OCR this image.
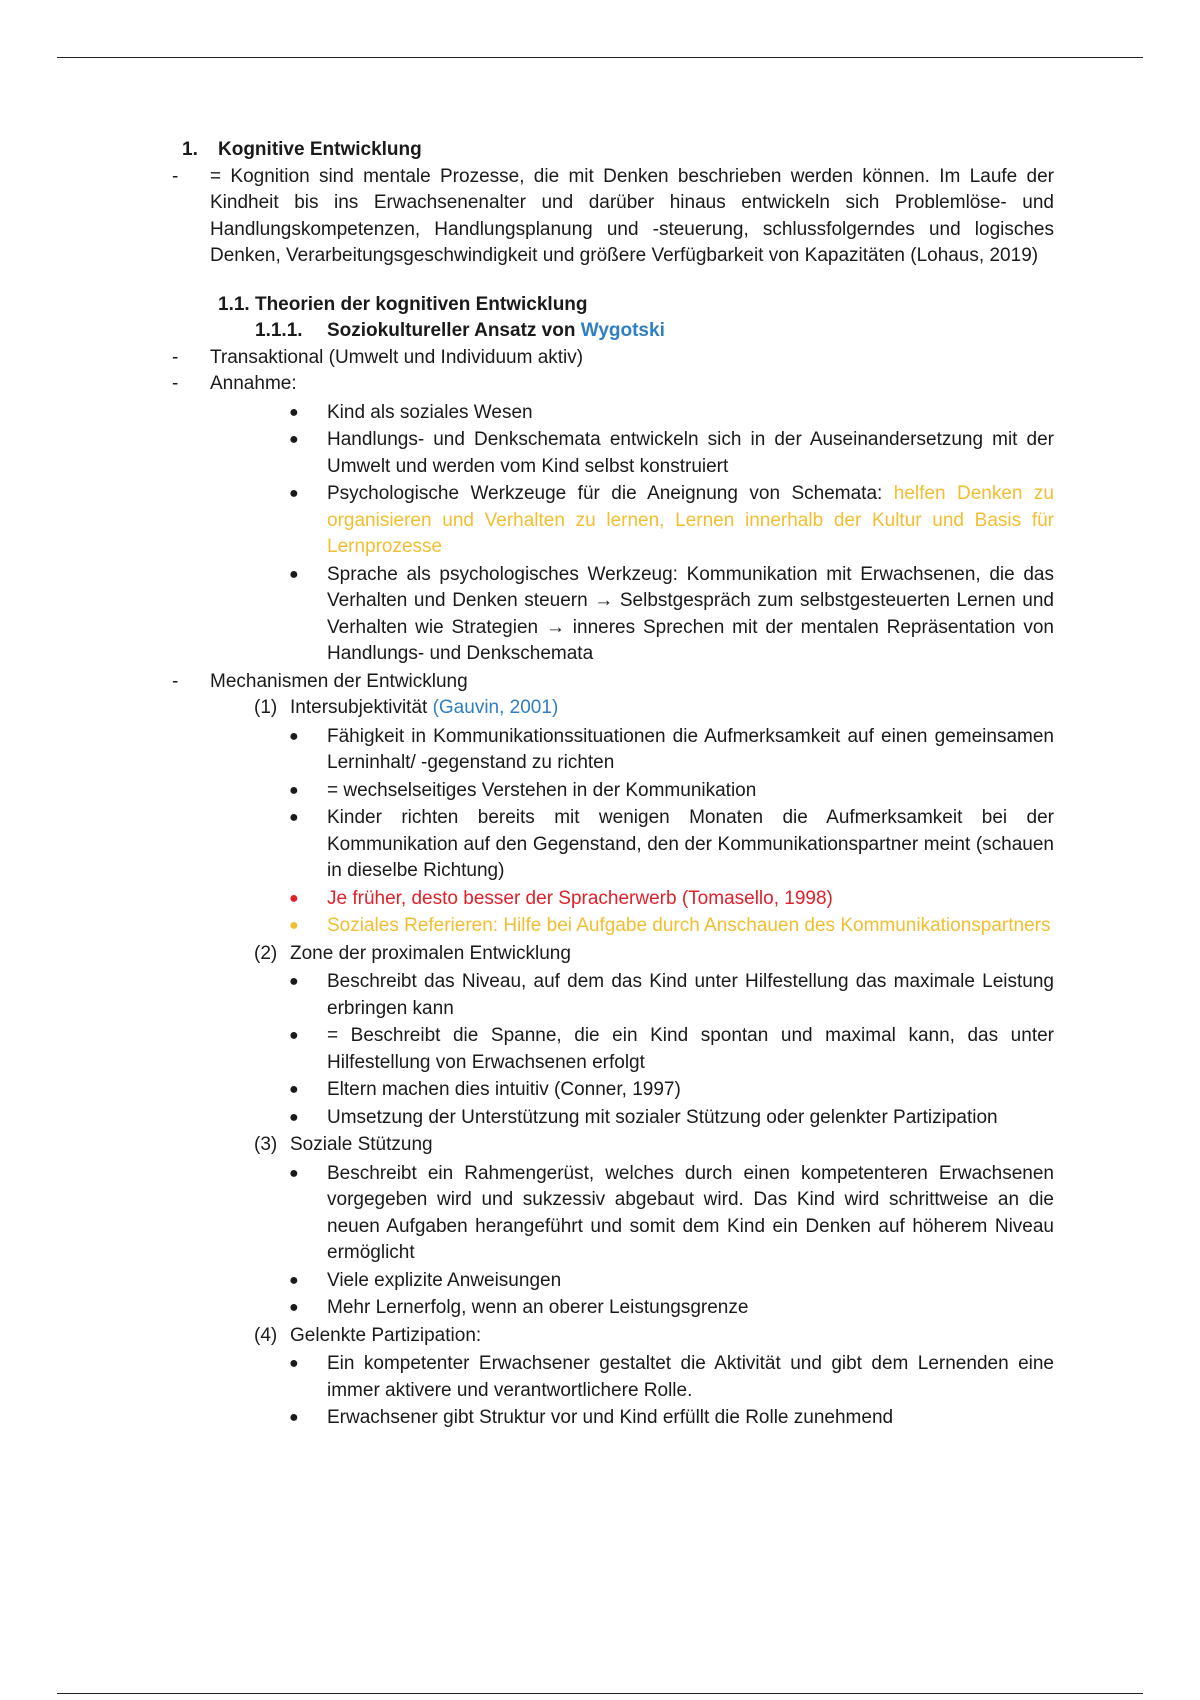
1. Kognitive Entwicklung
- = Kognition sind mentale Prozesse, die mit Denken beschrieben werden können. Im Laufe der Kindheit bis ins Erwachsenenalter und darüber hinaus entwickeln sich Problemlöse- und Handlungskompetenzen, Handlungsplanung und -steuerung, schlussfolgerndes und logisches Denken, Verarbeitungsgeschwindigkeit und größere Verfügbarkeit von Kapazitäten (Lohaus, 2019)
1.1. Theorien der kognitiven Entwicklung
1.1.1. Soziokultureller Ansatz von Wygotski
- Transaktional (Umwelt und Individuum aktiv)
- Annahme:
● Kind als soziales Wesen
● Handlungs- und Denkschemata entwickeln sich in der Auseinandersetzung mit der Umwelt und werden vom Kind selbst konstruiert
● Psychologische Werkzeuge für die Aneignung von Schemata: helfen Denken zu organisieren und Verhalten zu lernen, Lernen innerhalb der Kultur und Basis für Lernprozesse
● Sprache als psychologisches Werkzeug: Kommunikation mit Erwachsenen, die das Verhalten und Denken steuern → Selbstgespräch zum selbstgesteuerten Lernen und Verhalten wie Strategien → inneres Sprechen mit der mentalen Repräsentation von Handlungs- und Denkschemata
- Mechanismen der Entwicklung
(1) Intersubjektivität (Gauvin, 2001)
● Fähigkeit in Kommunikationssituationen die Aufmerksamkeit auf einen gemeinsamen Lerninhalt/ -gegenstand zu richten
● = wechselseitiges Verstehen in der Kommunikation
● Kinder richten bereits mit wenigen Monaten die Aufmerksamkeit bei der Kommunikation auf den Gegenstand, den der Kommunikationspartner meint (schauen in dieselbe Richtung)
● Je früher, desto besser der Spracherwerb (Tomasello, 1998)
● Soziales Referieren: Hilfe bei Aufgabe durch Anschauen des Kommunikationspartners
(2) Zone der proximalen Entwicklung
● Beschreibt das Niveau, auf dem das Kind unter Hilfestellung das maximale Leistung erbringen kann
● = Beschreibt die Spanne, die ein Kind spontan und maximal kann, das unter Hilfestellung von Erwachsenen erfolgt
● Eltern machen dies intuitiv (Conner, 1997)
● Umsetzung der Unterstützung mit sozialer Stützung oder gelenkter Partizipation
(3) Soziale Stützung
● Beschreibt ein Rahmengerüst, welches durch einen kompetenteren Erwachsenen vorgegeben wird und sukzessiv abgebaut wird. Das Kind wird schrittweise an die neuen Aufgaben herangeführt und somit dem Kind ein Denken auf höherem Niveau ermöglicht
● Viele explizite Anweisungen
● Mehr Lernerfolg, wenn an oberer Leistungsgrenze
(4) Gelenkte Partizipation:
● Ein kompetenter Erwachsener gestaltet die Aktivität und gibt dem Lernenden eine immer aktivere und verantwortlichere Rolle.
● Erwachsener gibt Struktur vor und Kind erfüllt die Rolle zunehmend
